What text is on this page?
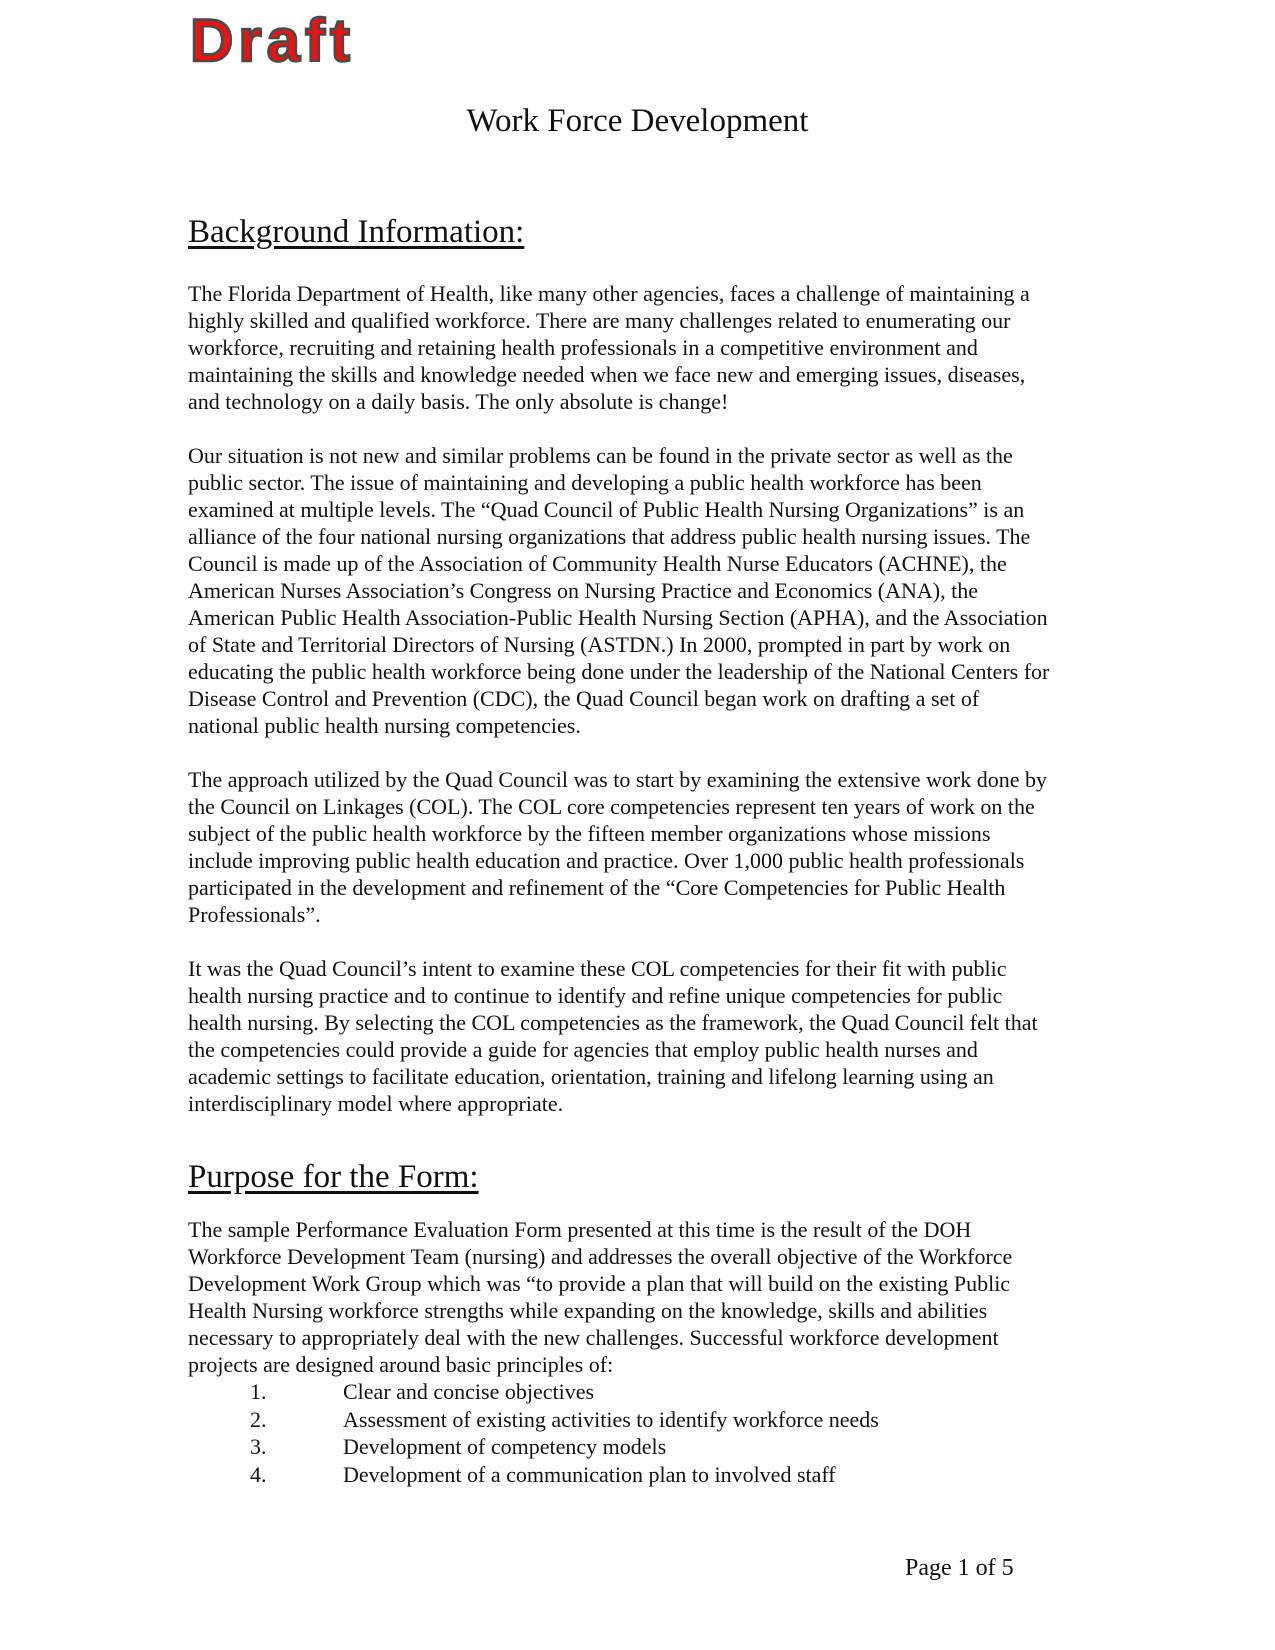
Draft
Work Force Development
Background Information:

The Florida Department of Health, like many other agencies, faces a challenge of maintaining a highly skilled and qualified workforce. There are many challenges related to enumerating our workforce, recruiting and retaining health professionals in a competitive environment and maintaining the skills and knowledge needed when we face new and emerging issues, diseases, and technology on a daily basis. The only absolute is change!

Our situation is not new and similar problems can be found in the private sector as well as the public sector. The issue of maintaining and developing a public health workforce has been examined at multiple levels. The “Quad Council of Public Health Nursing Organizations” is an alliance of the four national nursing organizations that address public health nursing issues. The Council is made up of the Association of Community Health Nurse Educators (ACHNE), the American Nurses Association’s Congress on Nursing Practice and Economics (ANA), the American Public Health Association-Public Health Nursing Section (APHA), and the Association of State and Territorial Directors of Nursing (ASTDN.) In 2000, prompted in part by work on educating the public health workforce being done under the leadership of the National Centers for Disease Control and Prevention (CDC), the Quad Council began work on drafting a set of national public health nursing competencies.

The approach utilized by the Quad Council was to start by examining the extensive work done by the Council on Linkages (COL). The COL core competencies represent ten years of work on the subject of the public health workforce by the fifteen member organizations whose missions include improving public health education and practice. Over 1,000 public health professionals participated in the development and refinement of the “Core Competencies for Public Health Professionals”.

It was the Quad Council’s intent to examine these COL competencies for their fit with public health nursing practice and to continue to identify and refine unique competencies for public health nursing. By selecting the COL competencies as the framework, the Quad Council felt that the competencies could provide a guide for agencies that employ public health nurses and academic settings to facilitate education, orientation, training and lifelong learning using an interdisciplinary model where appropriate.

Purpose for the Form:

The sample Performance Evaluation Form presented at this time is the result of the DOH Workforce Development Team (nursing) and addresses the overall objective of the Workforce Development Work Group which was “to provide a plan that will build on the existing Public Health Nursing workforce strengths while expanding on the knowledge, skills and abilities necessary to appropriately deal with the new challenges. Successful workforce development projects are designed around basic principles of:

1.	Clear and concise objectives
2.	Assessment of existing activities to identify workforce needs
3.	Development of competency models
4.	Development of a communication plan to involved staff
Page 1 of 5
